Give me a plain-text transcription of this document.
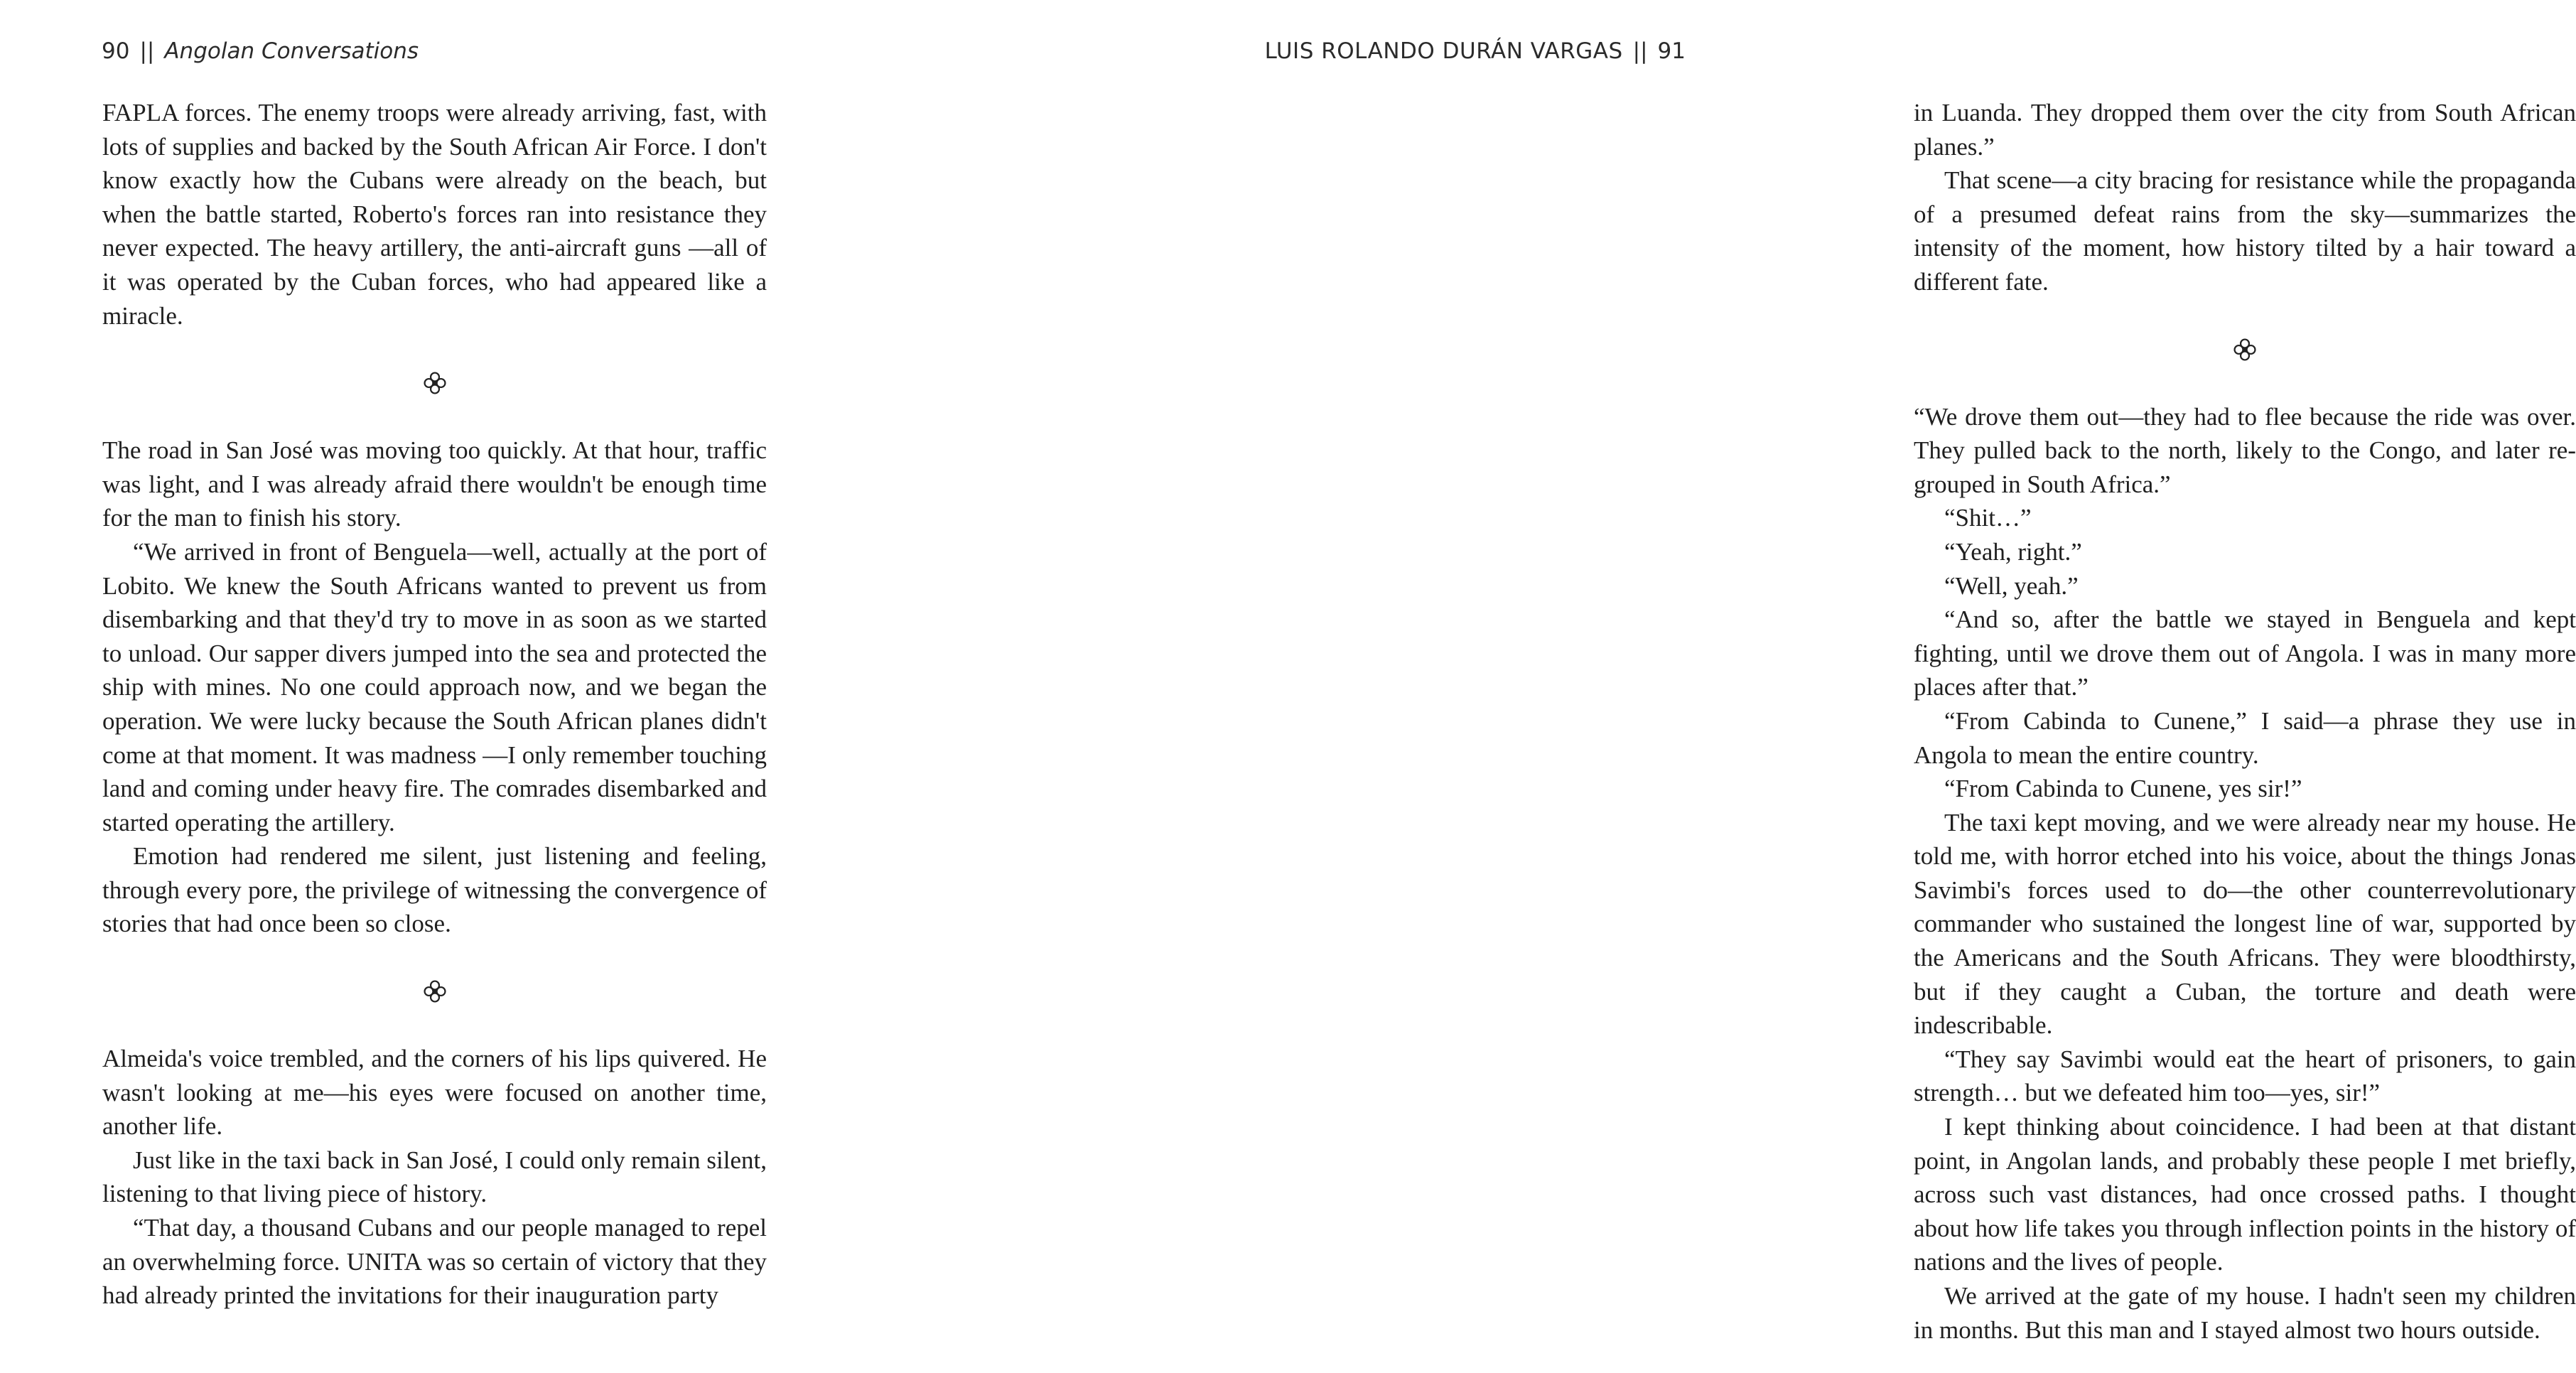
90 || Angolan Conversations

FAPLA forces. The enemy troops were already arriving, fast, with lots of supplies and backed by the South African Air Force. I don't know exactly how the Cubans were already on the beach, but when the battle started, Roberto's forces ran into resistance they never expected. The heavy artillery, the anti-aircraft guns —all of it was operated by the Cuban forces, who had appeared like a miracle.

The road in San José was moving too quickly. At that hour, traffic was light, and I was already afraid there wouldn't be enough time for the man to finish his story.

“We arrived in front of Benguela—well, actually at the port of Lobito. We knew the South Africans wanted to prevent us from disembarking and that they'd try to move in as soon as we started to unload. Our sapper divers jumped into the sea and protected the ship with mines. No one could approach now, and we began the operation. We were lucky because the South African planes didn't come at that moment. It was madness —I only remember touching land and coming under heavy fire. The comrades disembarked and started operating the artillery.

Emotion had rendered me silent, just listening and feeling, through every pore, the privilege of witnessing the convergence of stories that had once been so close.

Almeida's voice trembled, and the corners of his lips quivered. He wasn't looking at me—his eyes were focused on another time, another life.

Just like in the taxi back in San José, I could only remain silent, listening to that living piece of history.

“That day, a thousand Cubans and our people managed to repel an overwhelming force. UNITA was so certain of victory that they had already printed the invitations for their inauguration party

LUIS ROLANDO DURÁN VARGAS || 91

in Luanda. They dropped them over the city from South African planes.”

That scene—a city bracing for resistance while the propaganda of a presumed defeat rains from the sky—summarizes the intensity of the moment, how history tilted by a hair toward a different fate.

“We drove them out—they had to flee because the ride was over. They pulled back to the north, likely to the Congo, and later re-grouped in South Africa.”

“Shit…”

“Yeah, right.”

“Well, yeah.”

“And so, after the battle we stayed in Benguela and kept fighting, until we drove them out of Angola. I was in many more places after that.”

“From Cabinda to Cunene,” I said—a phrase they use in Angola to mean the entire country.

“From Cabinda to Cunene, yes sir!”

The taxi kept moving, and we were already near my house. He told me, with horror etched into his voice, about the things Jonas Savimbi's forces used to do—the other counterrevolutionary commander who sustained the longest line of war, supported by the Americans and the South Africans. They were bloodthirsty, but if they caught a Cuban, the torture and death were indescribable.

“They say Savimbi would eat the heart of prisoners, to gain strength… but we defeated him too—yes, sir!”

I kept thinking about coincidence. I had been at that distant point, in Angolan lands, and probably these people I met briefly, across such vast distances, had once crossed paths. I thought about how life takes you through inflection points in the history of nations and the lives of people.

We arrived at the gate of my house. I hadn't seen my children in months. But this man and I stayed almost two hours outside.
